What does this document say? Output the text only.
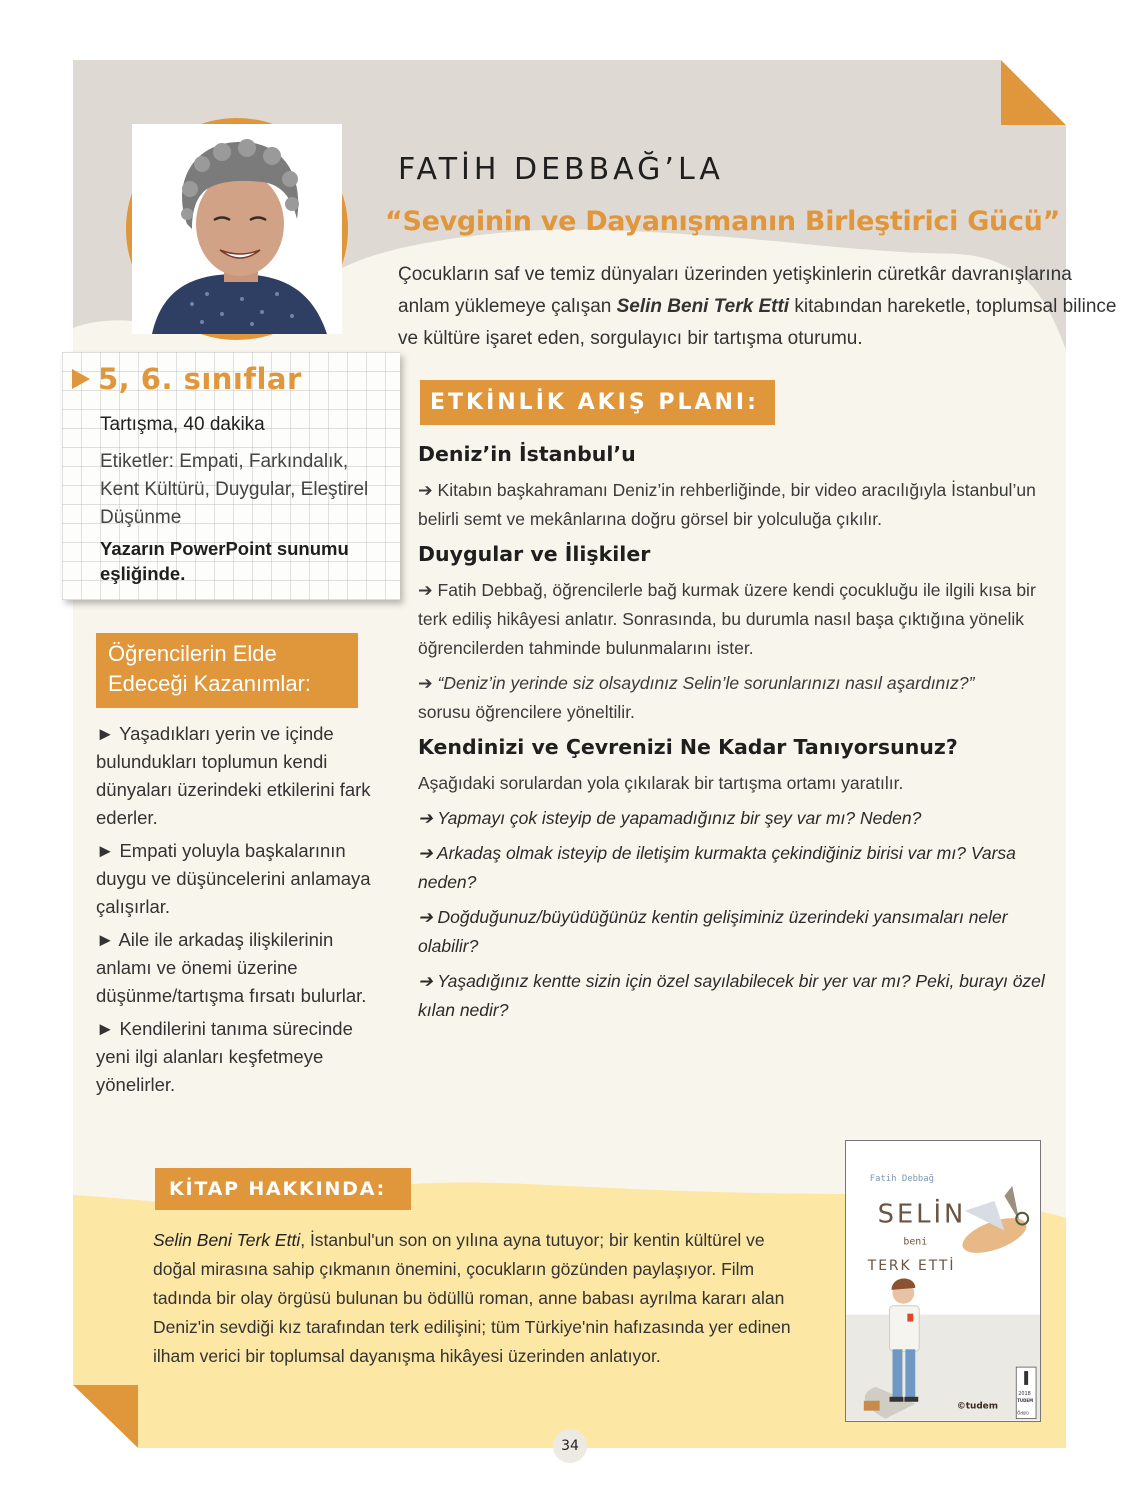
FATİH DEBBAĞ’LA
“Sevginin ve Dayanışmanın Birleştirici Gücü”
Çocukların saf ve temiz dünyaları üzerinden yetişkinlerin cüretkâr davranışlarına anlam yüklemeye çalışan Selin Beni Terk Etti kitabından hareketle, toplumsal bilince ve kültüre işaret eden, sorgulayıcı bir tartışma oturumu.
5, 6. sınıflar
Tartışma, 40 dakika
Etiketler: Empati, Farkındalık, Kent Kültürü, Duygular, Eleştirel Düşünme
Yazarın PowerPoint sunumu eşliğinde.
Öğrencilerin Elde Edeceği Kazanımlar:
► Yaşadıkları yerin ve içinde bulundukları toplumun kendi dünyaları üzerindeki etkilerini fark ederler.
► Empati yoluyla başkalarının duygu ve düşüncelerini anlamaya çalışırlar.
► Aile ile arkadaş ilişkilerinin anlamı ve önemi üzerine düşünme/tartışma fırsatı bulurlar.
► Kendilerini tanıma sürecinde yeni ilgi alanları keşfetmeye yönelirler.
ETKİNLİK AKIŞ PLANI:
Deniz’in İstanbul’u

➔ Kitabın başkahramanı Deniz’in rehberliğinde, bir video aracılığıyla İstanbul’un belirli semt ve mekânlarına doğru görsel bir yolculuğa çıkılır.

Duygular ve İlişkiler

➔ Fatih Debbağ, öğrencilerle bağ kurmak üzere kendi çocukluğu ile ilgili kısa bir terk ediliş hikâyesi anlatır. Sonrasında, bu durumla nasıl başa çıktığına yönelik öğrencilerden tahminde bulunmalarını ister.

➔ “Deniz’in yerinde siz olsaydınız Selin’le sorunlarınızı nasıl aşardınız?”
sorusu öğrencilere yöneltilir.

Kendinizi ve Çevrenizi Ne Kadar Tanıyorsunuz?

Aşağıdaki sorulardan yola çıkılarak bir tartışma ortamı yaratılır.

➔ Yapmayı çok isteyip de yapamadığınız bir şey var mı? Neden?

➔ Arkadaş olmak isteyip de iletişim kurmakta çekindiğiniz birisi var mı? Varsa neden?

➔ Doğduğunuz/büyüdüğünüz kentin gelişiminiz üzerindeki yansımaları neler olabilir?

➔ Yaşadığınız kentte sizin için özel sayılabilecek bir yer var mı? Peki, burayı özel kılan nedir?

KİTAP HAKKINDA:
Selin Beni Terk Etti, İstanbul'un son on yılına ayna tutuyor; bir kentin kültürel ve doğal mirasına sahip çıkmanın önemini, çocukların gözünden paylaşıyor. Film tadında bir olay örgüsü bulunan bu ödüllü roman, anne babası ayrılma kararı alan Deniz'in sevdiği kız tarafından terk edilişini; tüm Türkiye'nin hafızasında yer edinen ilham verici bir toplumsal dayanışma hikâyesi üzerinden anlatıyor.
Fatih Debbağ
SELİN
beni
TERK ETTİ
©tudem
2018
TUDEM
Ödülü
34
